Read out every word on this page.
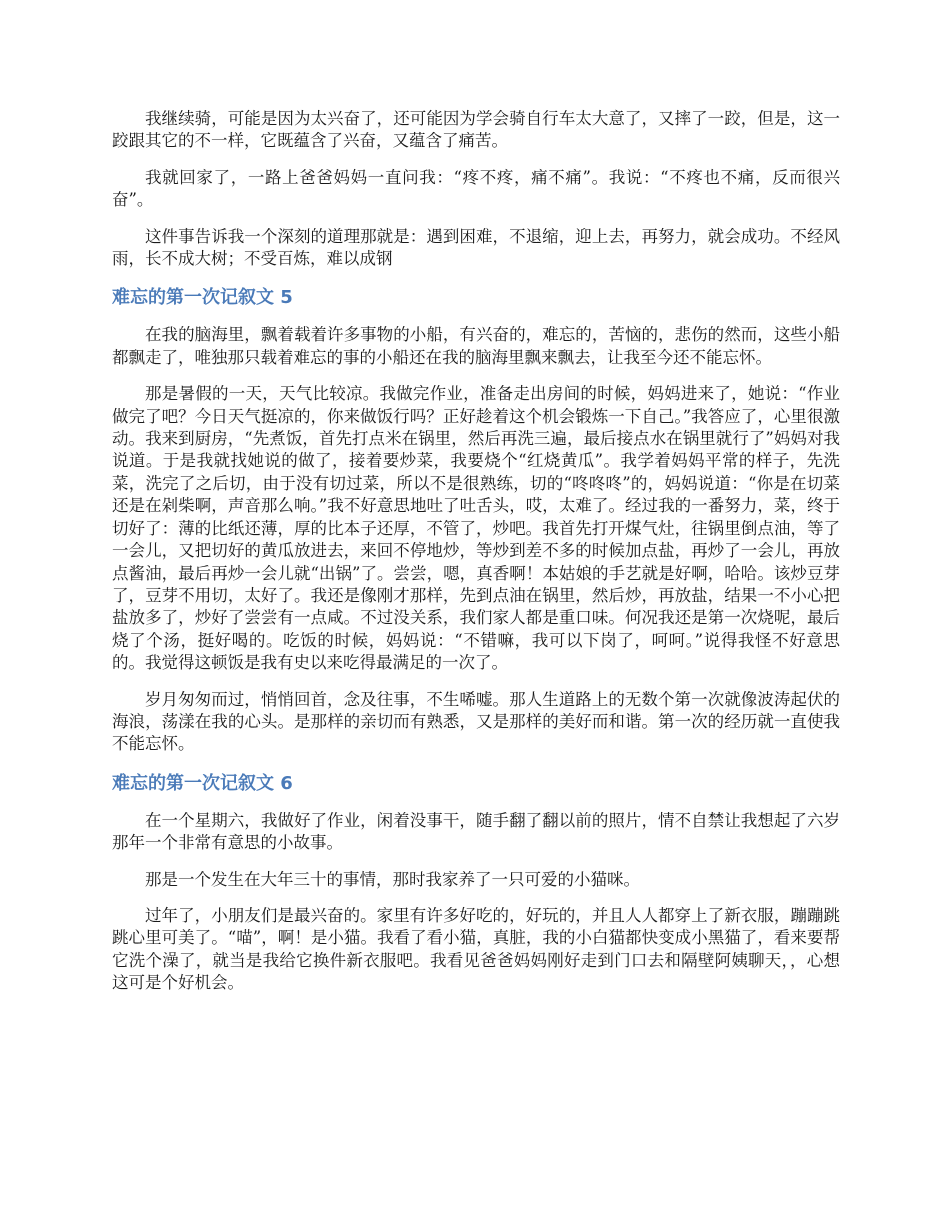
我继续骑，可能是因为太兴奋了，还可能因为学会骑自行车太大意了，又摔了一跤，但是，这一跤跟其它的不一样，它既蕴含了兴奋，又蕴含了痛苦。

我就回家了，一路上爸爸妈妈一直问我：“疼不疼，痛不痛”。我说：“不疼也不痛，反而很兴奋”。

这件事告诉我一个深刻的道理那就是：遇到困难，不退缩，迎上去，再努力，就会成功。不经风雨，长不成大树；不受百炼，难以成钢

难忘的第一次记叙文 5

在我的脑海里，飘着载着许多事物的小船，有兴奋的，难忘的，苦恼的，悲伤的然而，这些小船都飘走了，唯独那只载着难忘的事的小船还在我的脑海里飘来飘去，让我至今还不能忘怀。

那是暑假的一天，天气比较凉。我做完作业，准备走出房间的时候，妈妈进来了，她说：“作业做完了吧？今日天气挺凉的，你来做饭行吗？正好趁着这个机会锻炼一下自己。”我答应了，心里很激动。我来到厨房，“先煮饭，首先打点米在锅里，然后再洗三遍，最后接点水在锅里就行了”妈妈对我说道。于是我就找她说的做了，接着要炒菜，我要烧个“红烧黄瓜”。我学着妈妈平常的样子，先洗菜，洗完了之后切，由于没有切过菜，所以不是很熟练，切的“咚咚咚”的，妈妈说道：“你是在切菜还是在剁柴啊，声音那么响。”我不好意思地吐了吐舌头，哎，太难了。经过我的一番努力，菜，终于切好了：薄的比纸还薄，厚的比本子还厚，不管了，炒吧。我首先打开煤气灶，往锅里倒点油，等了一会儿，又把切好的黄瓜放进去，来回不停地炒，等炒到差不多的时候加点盐，再炒了一会儿，再放点酱油，最后再炒一会儿就“出锅”了。尝尝，嗯，真香啊！本姑娘的手艺就是好啊，哈哈。该炒豆芽了，豆芽不用切，太好了。我还是像刚才那样，先到点油在锅里，然后炒，再放盐，结果一不小心把盐放多了，炒好了尝尝有一点咸。不过没关系，我们家人都是重口味。何况我还是第一次烧呢，最后烧了个汤，挺好喝的。吃饭的时候，妈妈说：“不错嘛，我可以下岗了，呵呵。”说得我怪不好意思的。我觉得这顿饭是我有史以来吃得最满足的一次了。

岁月匆匆而过，悄悄回首，念及往事，不生唏嘘。那人生道路上的无数个第一次就像波涛起伏的海浪，荡漾在我的心头。是那样的亲切而有熟悉，又是那样的美好而和谐。第一次的经历就一直使我不能忘怀。

难忘的第一次记叙文 6

在一个星期六，我做好了作业，闲着没事干，随手翻了翻以前的照片，情不自禁让我想起了六岁那年一个非常有意思的小故事。

那是一个发生在大年三十的事情，那时我家养了一只可爱的小猫咪。

过年了，小朋友们是最兴奋的。家里有许多好吃的，好玩的，并且人人都穿上了新衣服，蹦蹦跳跳心里可美了。“喵”，啊！是小猫。我看了看小猫，真脏，我的小白猫都快变成小黑猫了，看来要帮它洗个澡了，就当是我给它换件新衣服吧。我看见爸爸妈妈刚好走到门口去和隔壁阿姨聊天，，心想这可是个好机会。
